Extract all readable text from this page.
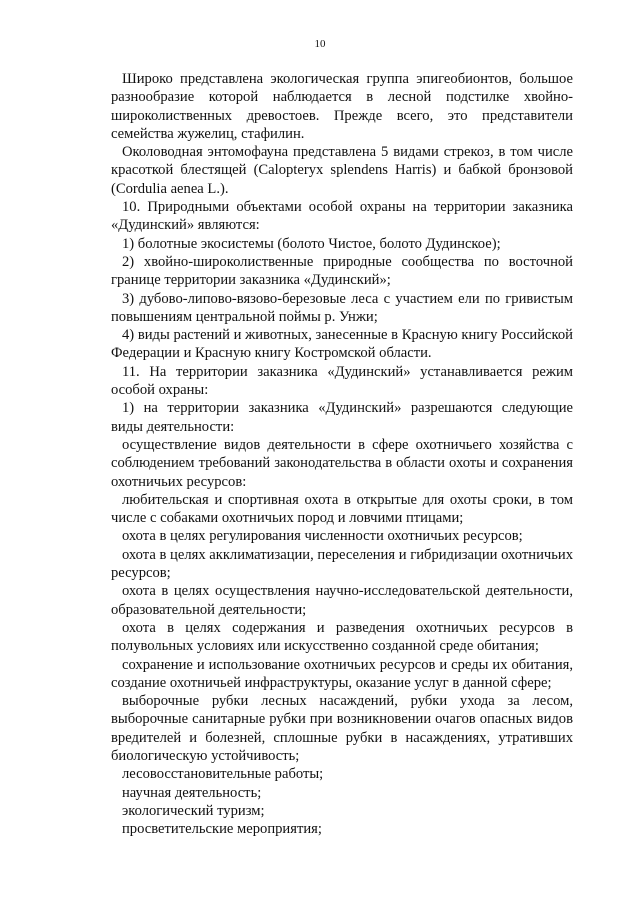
10

Широко представлена экологическая группа эпигеобионтов, большое разнообразие которой наблюдается в лесной подстилке хвойно-широколиственных древостоев. Прежде всего, это представители семейства жужелиц, стафилин.

Околоводная энтомофауна представлена 5 видами стрекоз, в том числе красоткой блестящей (Calopteryx splendens Harris) и бабкой бронзовой (Cordulia aenea L.).

10. Природными объектами особой охраны на территории заказника «Дудинский» являются:

1) болотные экосистемы (болото Чистое, болото Дудинское);

2) хвойно-широколиственные природные сообщества по восточной границе территории заказника «Дудинский»;

3) дубово-липово-вязово-березовые леса с участием ели по гривистым повышениям центральной поймы р. Унжи;

4) виды растений и животных, занесенные в Красную книгу Российской Федерации и Красную книгу Костромской области.

11. На территории заказника «Дудинский» устанавливается режим особой охраны:

1) на территории заказника «Дудинский» разрешаются следующие виды деятельности:

осуществление видов деятельности в сфере охотничьего хозяйства с соблюдением требований законодательства в области охоты и сохранения охотничьих ресурсов:

любительская и спортивная охота в открытые для охоты сроки, в том числе с собаками охотничьих пород и ловчими птицами;

охота в целях регулирования численности охотничьих ресурсов;

охота в целях акклиматизации, переселения и гибридизации охотничьих ресурсов;

охота в целях осуществления научно-исследовательской деятельности, образовательной деятельности;

охота в целях содержания и разведения охотничьих ресурсов в полувольных условиях или искусственно созданной среде обитания;

сохранение и использование охотничьих ресурсов и среды их обитания, создание охотничьей инфраструктуры, оказание услуг в данной сфере;

выборочные рубки лесных насаждений, рубки ухода за лесом, выборочные санитарные рубки при возникновении очагов опасных видов вредителей и болезней, сплошные рубки в насаждениях, утративших биологическую устойчивость;

лесовосстановительные работы;

научная деятельность;

экологический туризм;

просветительские мероприятия;
